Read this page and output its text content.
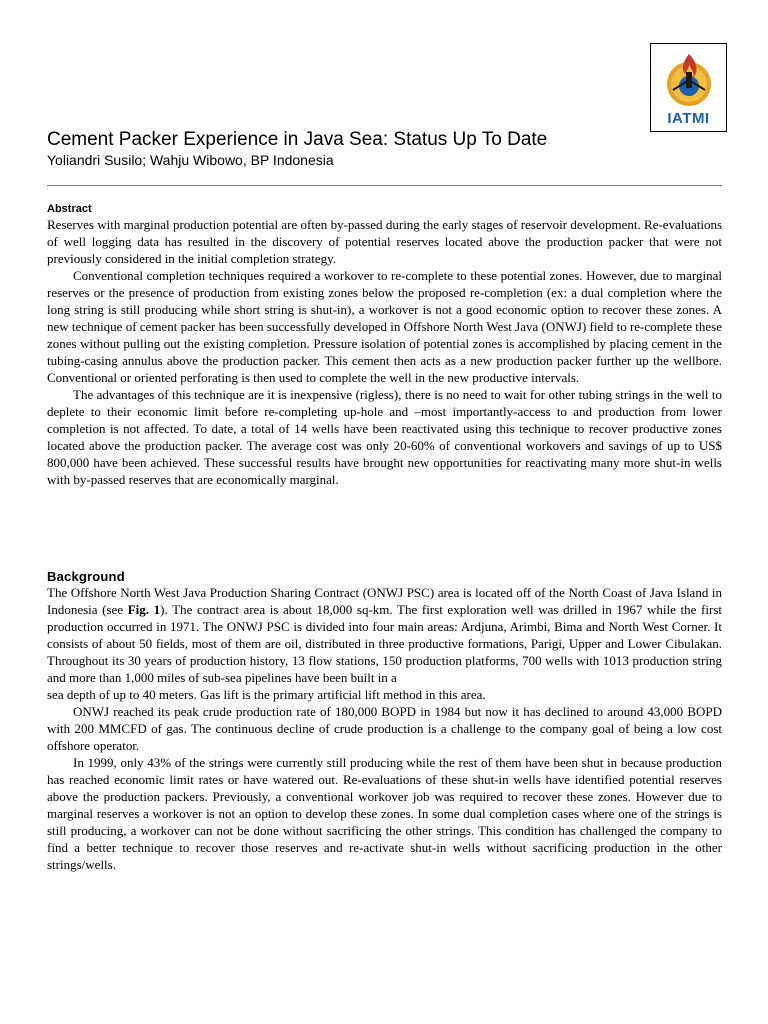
IATMI
Cement Packer Experience in Java Sea: Status Up To Date
Yoliandri Susilo; Wahju Wibowo, BP Indonesia
Abstract

Reserves with marginal production potential are often by-passed during the early stages of reservoir development. Re-evaluations of well logging data has resulted in the discovery of potential reserves located above the production packer that were not previously considered in the initial completion strategy.

Conventional completion techniques required a workover to re-complete to these potential zones. However, due to marginal reserves or the presence of production from existing zones below the proposed re-completion (ex: a dual completion where the long string is still producing while short string is shut-in), a workover is not a good economic option to recover these zones. A new technique of cement packer has been successfully developed in Offshore North West Java (ONWJ) field to re-complete these zones without pulling out the existing completion. Pressure isolation of potential zones is accomplished by placing cement in the tubing-casing annulus above the production packer. This cement then acts as a new production packer further up the wellbore. Conventional or oriented perforating is then used to complete the well in the new productive intervals.

The advantages of this technique are it is inexpensive (rigless), there is no need to wait for other tubing strings in the well to deplete to their economic limit before re-completing up-hole and –most importantly-access to and production from lower completion is not affected. To date, a total of 14 wells have been reactivated using this technique to recover productive zones located above the production packer. The average cost was only 20-60% of conventional workovers and savings of up to US$ 800,000 have been achieved. These successful results have brought new opportunities for reactivating many more shut-in wells with by-passed reserves that are economically marginal.

Background

The Offshore North West Java Production Sharing Contract (ONWJ PSC) area is located off of the North Coast of Java Island in Indonesia (see Fig. 1). The contract area is about 18,000 sq-km. The first exploration well was drilled in 1967 while the first production occurred in 1971. The ONWJ PSC is divided into four main areas: Ardjuna, Arimbi, Bima and North West Corner. It consists of about 50 fields, most of them are oil, distributed in three productive formations, Parigi, Upper and Lower Cibulakan. Throughout its 30 years of production history, 13 flow stations, 150 production platforms, 700 wells with 1013 production string and more than 1,000 miles of sub-sea pipelines have been built in a

sea depth of up to 40 meters. Gas lift is the primary artificial lift method in this area.

ONWJ reached its peak crude production rate of 180,000 BOPD in 1984 but now it has declined to around 43,000 BOPD with 200 MMCFD of gas. The continuous decline of crude production is a challenge to the company goal of being a low cost offshore operator.

In 1999, only 43% of the strings were currently still producing while the rest of them have been shut in because production has reached economic limit rates or have watered out. Re-evaluations of these shut-in wells have identified potential reserves above the production packers. Previously, a conventional workover job was required to recover these zones. However due to marginal reserves a workover is not an option to develop these zones. In some dual completion cases where one of the strings is still producing, a workover can not be done without sacrificing the other strings. This condition has challenged the company to find a better technique to recover those reserves and re-activate shut-in wells without sacrificing production in the other strings/wells.
